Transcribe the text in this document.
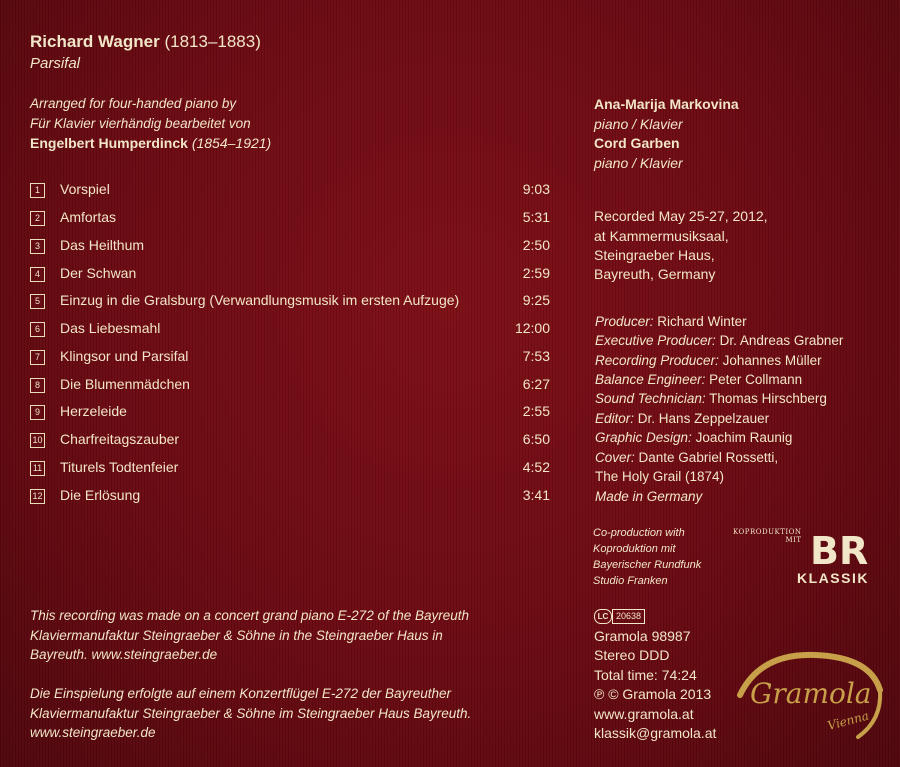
Richard Wagner (1813–1883)
Parsifal
Arranged for four-handed piano by
Für Klavier vierhändig bearbeitet von
Engelbert Humperdinck (1854–1921)
1	Vorspiel	9:03
2	Amfortas	5:31
3	Das Heilthum	2:50
4	Der Schwan	2:59
5	Einzug in die Gralsburg (Verwandlungsmusik im ersten Aufzuge)	9:25
6	Das Liebesmahl	12:00
7	Klingsor und Parsifal	7:53
8	Die Blumenmädchen	6:27
9	Herzeleide	2:55
10 Charfreitagszauber	6:50
11 Titurels Todtenfeier	4:52
12 Die Erlösung	3:41
Ana-Marija Markovina
piano / Klavier
Cord Garben
piano / Klavier
Recorded May 25-27, 2012,
at Kammermusiksaal,
Steingraeber Haus,
Bayreuth, Germany
Producer: Richard Winter
Executive Producer: Dr. Andreas Grabner
Recording Producer: Johannes Müller
Balance Engineer: Peter Collmann
Sound Technician: Thomas Hirschberg
Editor: Dr. Hans Zeppelzauer
Graphic Design: Joachim Raunig
Cover: Dante Gabriel Rossetti,
The Holy Grail (1874)
Made in Germany
Co-production with
Koproduktion mit
Bayerischer Rundfunk
Studio Franken
KOPRODUKTION
MIT BR
KLASSIK
This recording was made on a concert grand piano E-272 of the Bayreuth
Klaviermanufaktur Steingraeber & Söhne in the Steingraeber Haus in
Bayreuth. www.steingraeber.de
Die Einspielung erfolgte auf einem Konzertflügel E-272 der Bayreuther
Klaviermanufaktur Steingraeber & Söhne im Steingraeber Haus Bayreuth.
www.steingraeber.de
LC 20638
Gramola 98987
Stereo DDD
Total time: 74:24
℗ © Gramola 2013
www.gramola.at
klassik@gramola.at
Gramola
Vienna
